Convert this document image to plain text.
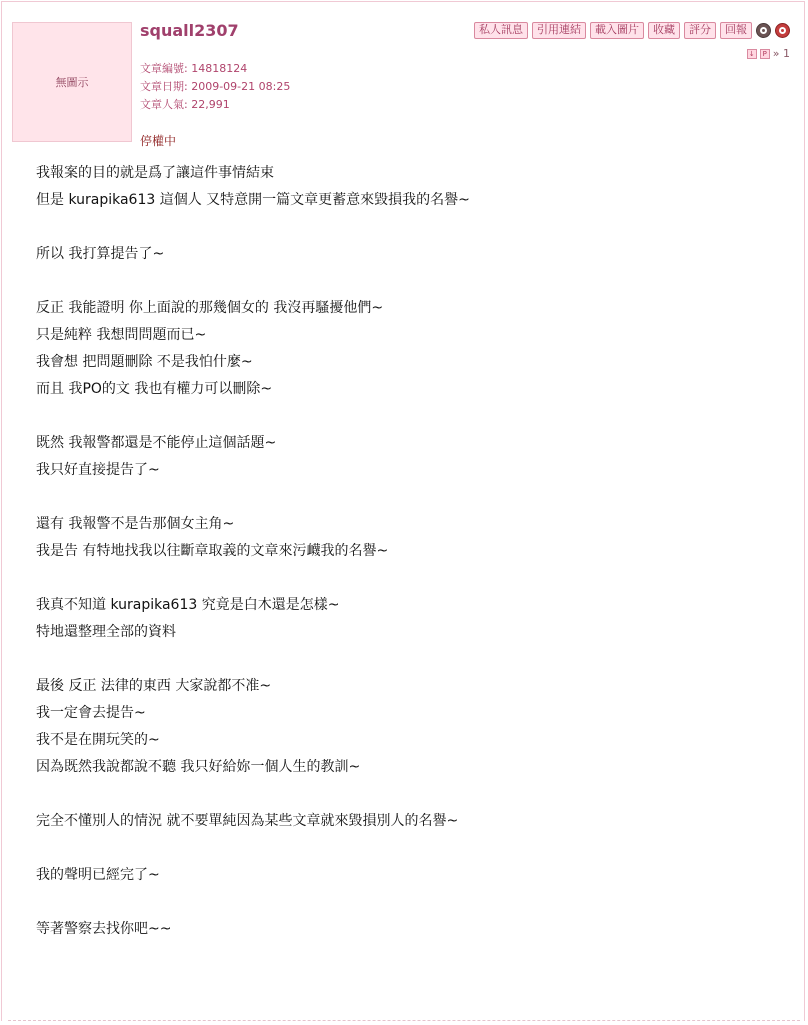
無圖示
squall2307
文章編號: 14818124
文章日期: 2009-09-21 08:25
文章人氣: 22,991
停權中
私人訊息	引用連結	載入圖片	收藏	評分	回報
↓	P » 1
我報案的目的就是爲了讓這件事情結束
但是 kurapika613 這個人 又特意開一篇文章更蓄意來毀損我的名譽~
所以 我打算提告了~
反正 我能證明 你上面說的那幾個女的 我沒再騷擾他們~
只是純粹 我想問問題而已~
我會想 把問題刪除 不是我怕什麼~
而且 我PO的文 我也有權力可以刪除~
既然 我報警都還是不能停止這個話題~
我只好直接提告了~
還有 我報警不是告那個女主角~
我是告 有特地找我以往斷章取義的文章來污衊我的名譽~
我真不知道 kurapika613 究竟是白木還是怎樣~
特地還整理全部的資料
最後 反正 法律的東西 大家說都不准~
我一定會去提告~
我不是在開玩笑的~
因為既然我說都說不聽 我只好給妳一個人生的教訓~
完全不懂別人的情況 就不要單純因為某些文章就來毀損別人的名譽~
我的聲明已經完了~
等著警察去找你吧~~
